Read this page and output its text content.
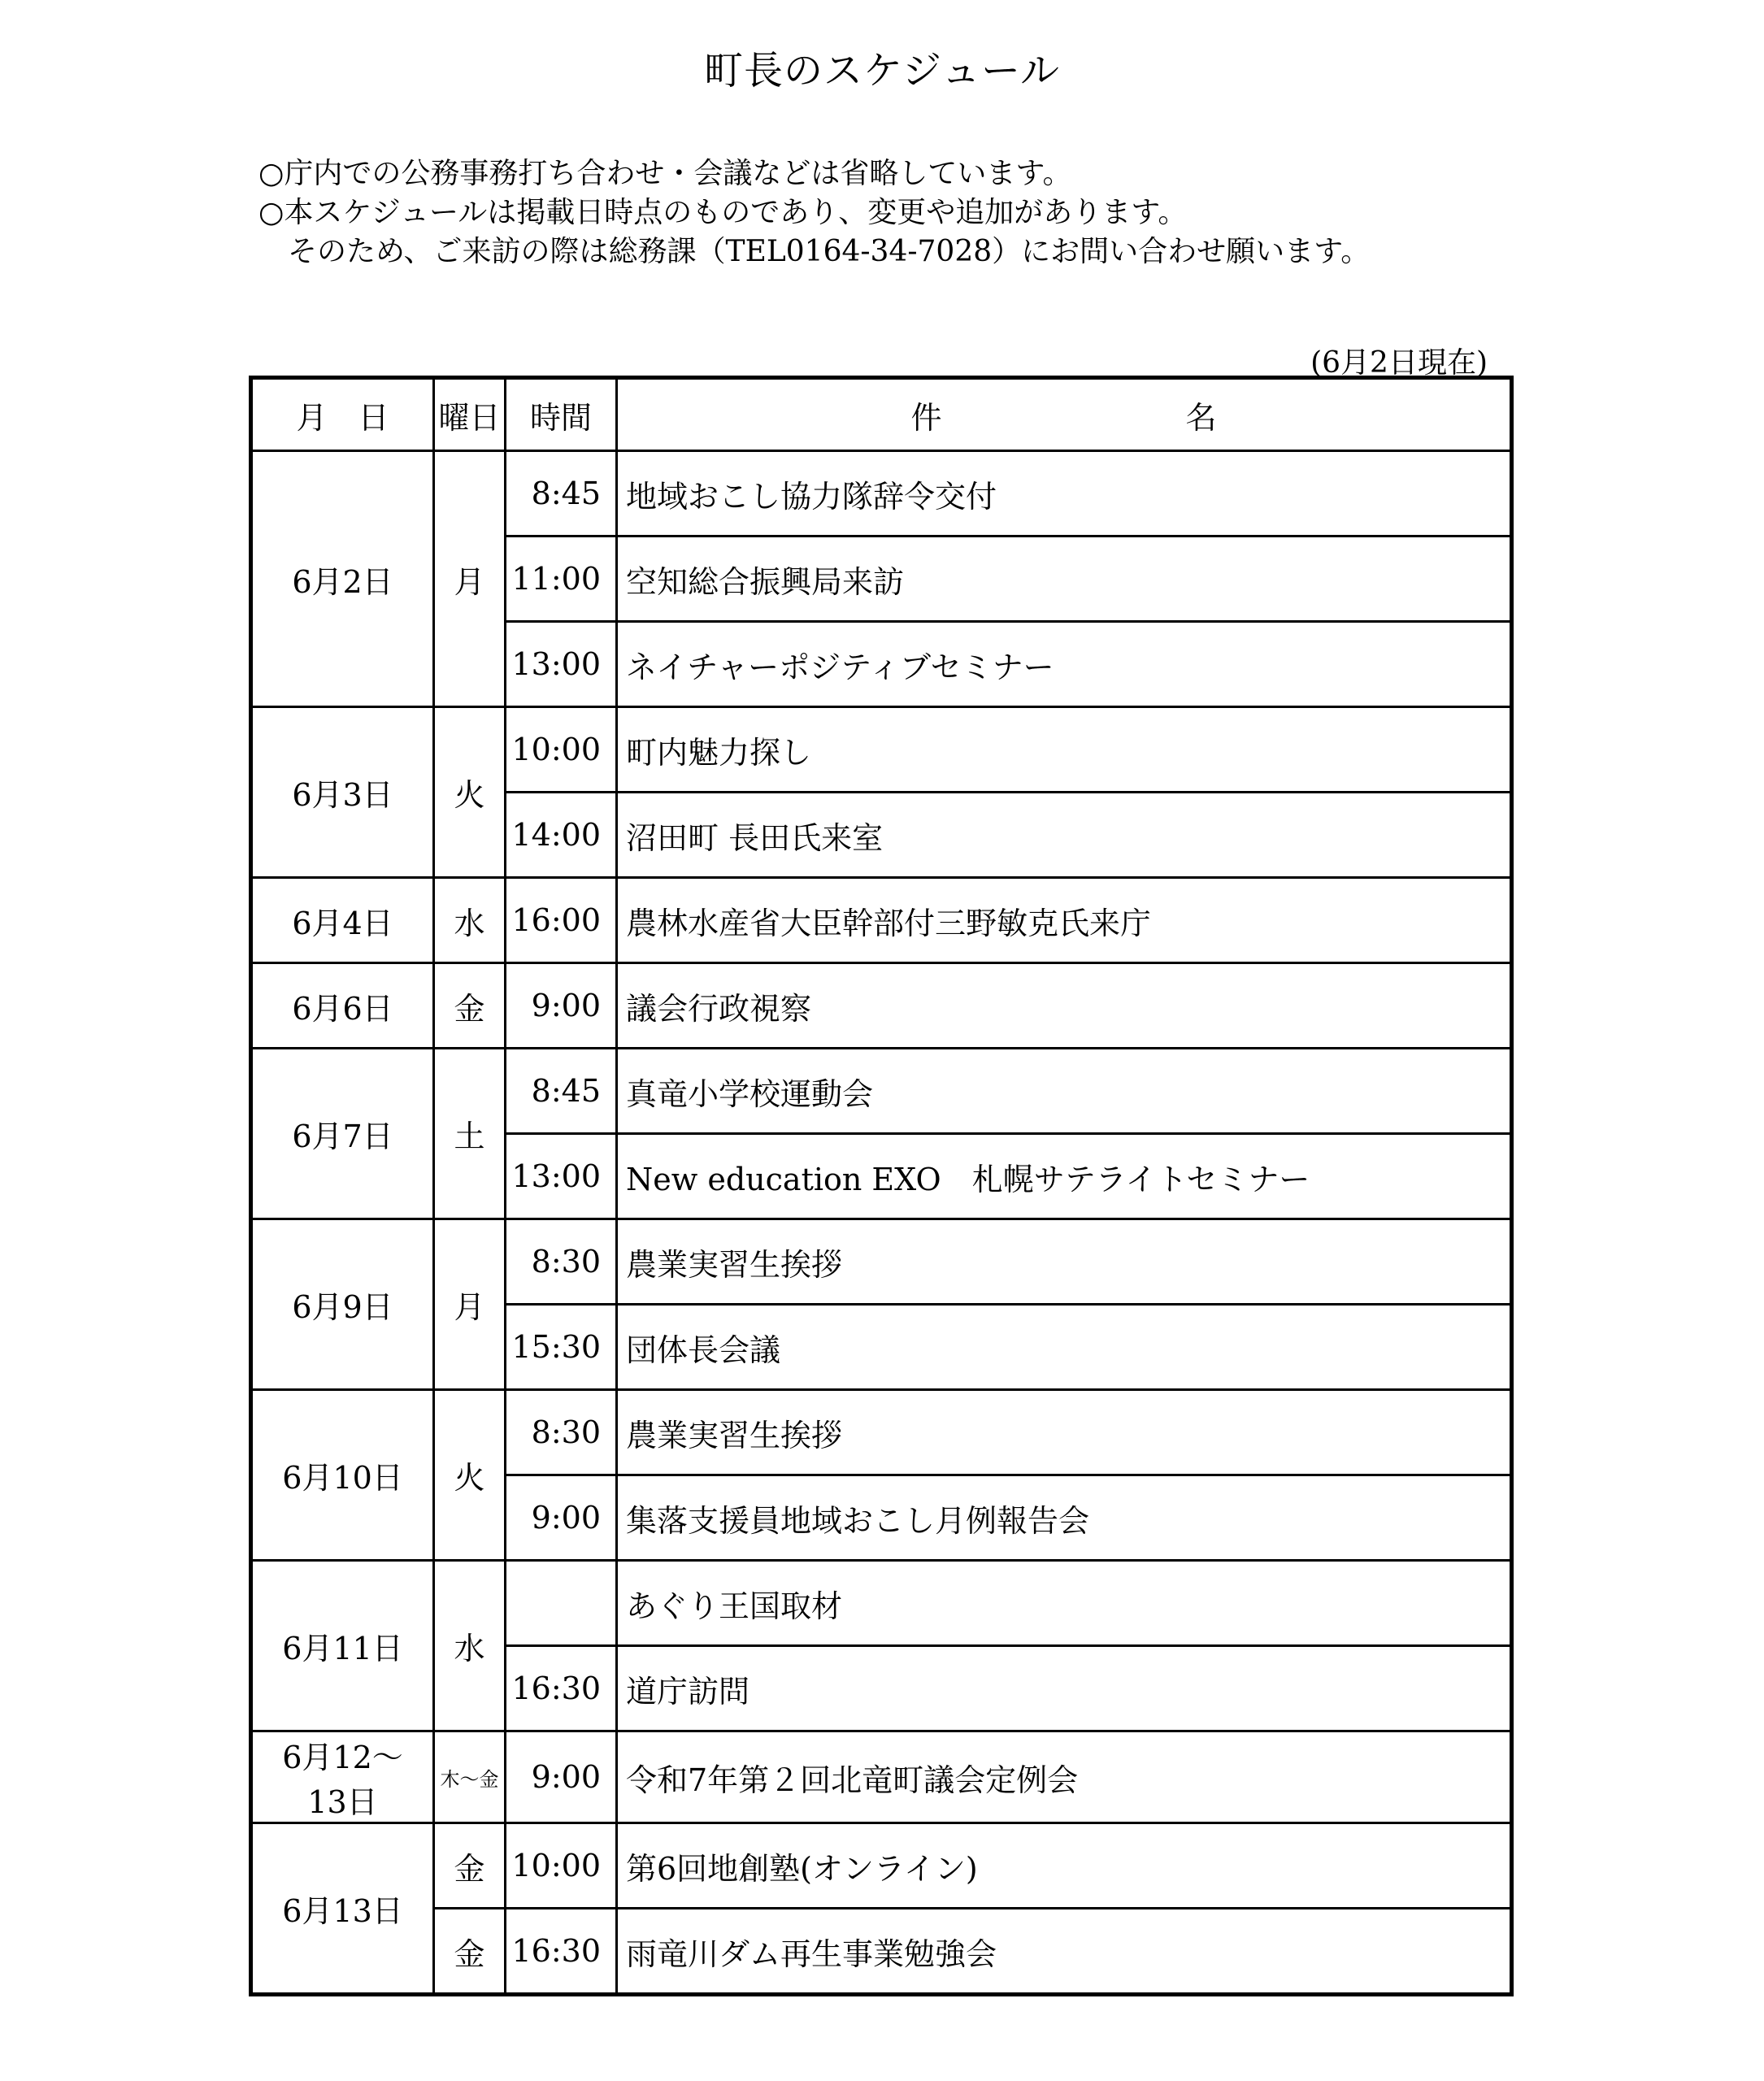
町長のスケジュール
○庁内での公務事務打ち合わせ・会議などは省略しています。
○本スケジュールは掲載日時点のものであり、変更や追加があります。
　そのため、ご来訪の際は総務課（TEL0164-34-7028）にお問い合わせ願います。
(6月2日現在)
月　日	曜日	時間	件 名
6月2日	月	8:45	地域おこし協力隊辞令交付
		11:00	空知総合振興局来訪
		13:00	ネイチャーポジティブセミナー
6月3日	火	10:00	町内魅力探し
		14:00	沼田町 長田氏来室
6月4日	水	16:00	農林水産省大臣幹部付三野敏克氏来庁
6月6日	金	9:00	議会行政視察
6月7日	土	8:45	真竜小学校運動会
		13:00	New education EXO　札幌サテライトセミナー
6月9日	月	8:30	農業実習生挨拶
		15:30	団体長会議
6月10日	火	8:30	農業実習生挨拶
		9:00	集落支援員地域おこし月例報告会
6月11日	水		あぐり王国取材
		16:30	道庁訪問
6月12～
13日	木～金	9:00	令和7年第２回北竜町議会定例会
6月13日	金	10:00	第6回地創塾(オンライン)
	金	16:30	雨竜川ダム再生事業勉強会
